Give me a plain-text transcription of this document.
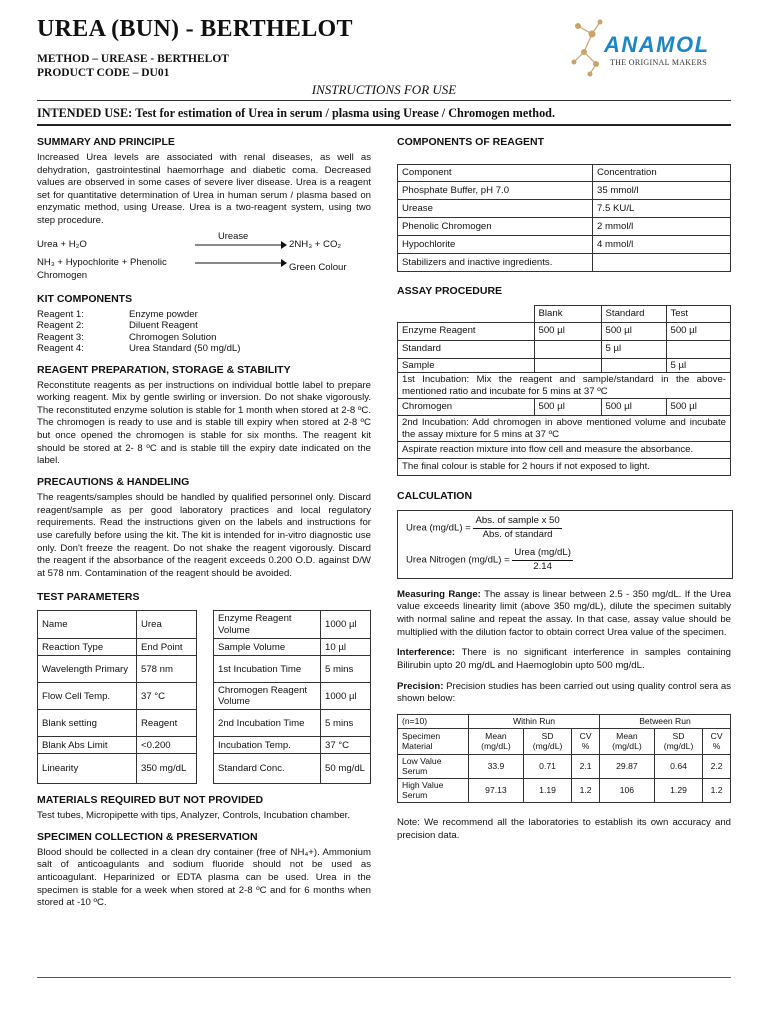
UREA (BUN) - BERTHELOT
METHOD – UREASE - BERTHELOT
PRODUCT CODE – DU01
ANAMOL
THE ORIGINAL MAKERS
INSTRUCTIONS FOR USE
INTENDED USE: Test for estimation of Urea in serum / plasma using Urease / Chromogen method.
SUMMARY AND PRINCIPLE

Increased Urea levels are associated with renal diseases, as well as dehydration, gastrointestinal haemorrhage and diabetic coma. Decreased values are observed in some cases of severe liver disease. Urea is a reagent set for quantitative determination of Urea in human serum / plasma based on enzymatic method, using Urease. Urea is a two-reagent system, using two step procedure.

Urea + H₂O
Urease
2NH₃ + CO₂
NH₃ + Hypochlorite + Phenolic
Chromogen
Green Colour
KIT COMPONENTS
Reagent 1:	Enzyme powder
Reagent 2:	Diluent Reagent
Reagent 3:	Chromogen Solution
Reagent 4:	Urea Standard (50 mg/dL)
REAGENT PREPARATION, STORAGE & STABILITY

Reconstitute reagents as per instructions on individual bottle label to prepare working reagent. Mix by gentle swirling or inversion. Do not shake vigorously. The reconstituted enzyme solution is stable for 1 month when stored at 2-8 ºC. The chromogen is ready to use and is stable till expiry when stored at 2-8 ºC but once opened the chromogen is stable for six months. The reagent kit should be stored at 2- 8 ºC and is stable till the expiry date indicated on the label.

PRECAUTIONS & HANDELING

The reagents/samples should be handled by qualified personnel only. Discard reagent/sample as per good laboratory practices and local regulatory requirements. Read the instructions given on the labels and instructions for use carefully before using the kit. The kit is intended for in-vitro diagnostic use only. Don't freeze the reagent. Do not shake the reagent vigorously. Discard the reagent if the absorbance of the reagent exceeds 0.200 O.D. against D/W at 578 nm. Contamination of the reagent should be avoided.

TEST PARAMETERS
Name	Urea
Reaction Type	End Point
Wavelength Primary	578 nm
Flow Cell Temp.	37 °C
Blank setting	Reagent
Blank Abs Limit	<0.200
Linearity	350 mg/dL
Enzyme Reagent Volume	1000 µl
Sample Volume	10 µl
1st Incubation Time	5 mins
Chromogen Reagent Volume	1000 µl
2nd Incubation Time	5 mins
Incubation Temp.	37 °C
Standard Conc.	50 mg/dL
MATERIALS REQUIRED BUT NOT PROVIDED

Test tubes, Micropipette with tips, Analyzer, Controls, Incubation chamber.

SPECIMEN COLLECTION & PRESERVATION

Blood should be collected in a clean dry container (free of NH₄+). Ammonium salt of anticoagulants and sodium fluoride should not be used as anticoagulant. Heparinized or EDTA plasma can be used. Urea in the specimen is stable for a week when stored at 2-8 ºC and for 6 months when stored at -10 ºC.

COMPONENTS OF REAGENT
Component	Concentration
Phosphate Buffer, pH 7.0	35 mmol/l
Urease	7.5 KU/L
Phenolic Chromogen	2 mmol/l
Hypochlorite	4 mmol/l
Stabilizers and inactive ingredients.	
ASSAY PROCEDURE
	Blank	Standard	Test
Enzyme Reagent	500 µl	500 µl	500 µl
Standard		5 µl	
Sample			5 µl
1st Incubation: Mix the reagent and sample/standard in the above-mentioned ratio and incubate for 5 mins at 37 ºC			
Chromogen	500 µl	500 µl	500 µl
2nd Incubation: Add chromogen in above mentioned volume and incubate the assay mixture for 5 mins at 37 ºC			
Aspirate reaction mixture into flow cell and measure the absorbance.			
The final colour is stable for 2 hours if not exposed to light.			
CALCULATION
Urea $(mg/dL) = \frac{\text{Abs. of sample x 50}}{\text{Abs. of standard}}$
Urea Nitrogen $(mg/dL) = \frac{\text{Urea (mg/dL)}}{2.14}$

Measuring Range: The assay is linear between 2.5 - 350 mg/dL. If the Urea value exceeds linearity limit (above 350 mg/dL), dilute the specimen suitably with normal saline and repeat the assay. In that case, assay value should be multiplied with the dilution factor to obtain correct Urea value of the specimen.

Interference: There is no significant interference in samples containing Bilirubin upto 20 mg/dL and Haemoglobin upto 500 mg/dL.

Precision: Precision studies has been carried out using quality control sera as shown below:

(n=10)	Within Run			Between Run		
Specimen Material	Mean (mg/dL)	SD (mg/dL)	CV %	Mean (mg/dL)	SD (mg/dL)	CV %
Low Value Serum	33.9	0.71	2.1	29.87	0.64	2.2
High Value Serum	97.13	1.19	1.2	106	1.29	1.2

Note: We recommend all the laboratories to establish its own accuracy and precision data.
